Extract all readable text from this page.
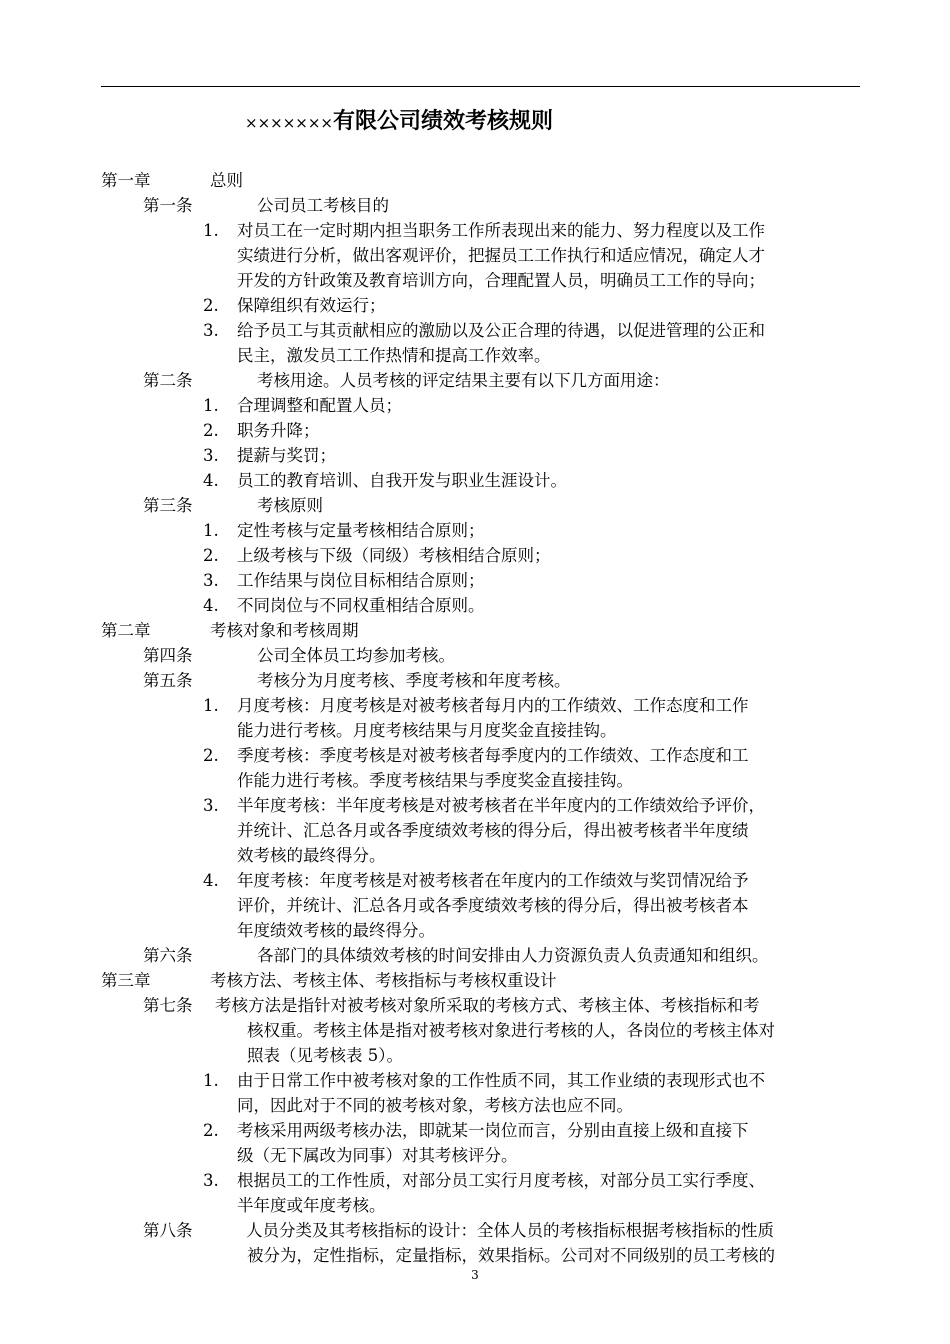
×××××××有限公司绩效考核规则
第一章	总则
第一条	公司员工考核目的
1. 对员工在一定时期内担当职务工作所表现出来的能力、努力程度以及工作
实绩进行分析，做出客观评价，把握员工工作执行和适应情况，确定人才
开发的方针政策及教育培训方向，合理配置人员，明确员工工作的导向；
2. 保障组织有效运行；
3. 给予员工与其贡献相应的激励以及公正合理的待遇，以促进管理的公正和
民主，激发员工工作热情和提高工作效率。
第二条	考核用途。人员考核的评定结果主要有以下几方面用途：
1. 合理调整和配置人员；
2. 职务升降；
3. 提薪与奖罚；
4. 员工的教育培训、自我开发与职业生涯设计。
第三条	考核原则
1. 定性考核与定量考核相结合原则；
2. 上级考核与下级（同级）考核相结合原则；
3. 工作结果与岗位目标相结合原则；
4. 不同岗位与不同权重相结合原则。
第二章	考核对象和考核周期
第四条	公司全体员工均参加考核。
第五条	考核分为月度考核、季度考核和年度考核。
1. 月度考核：月度考核是对被考核者每月内的工作绩效、工作态度和工作
能力进行考核。月度考核结果与月度奖金直接挂钩。
2. 季度考核：季度考核是对被考核者每季度内的工作绩效、工作态度和工
作能力进行考核。季度考核结果与季度奖金直接挂钩。
3. 半年度考核：半年度考核是对被考核者在半年度内的工作绩效给予评价，
并统计、汇总各月或各季度绩效考核的得分后，得出被考核者半年度绩
效考核的最终得分。
4. 年度考核：年度考核是对被考核者在年度内的工作绩效与奖罚情况给予
评价，并统计、汇总各月或各季度绩效考核的得分后，得出被考核者本
年度绩效考核的最终得分。
第六条	各部门的具体绩效考核的时间安排由人力资源负责人负责通知和组织。
第三章	考核方法、考核主体、考核指标与考核权重设计
第七条 考核方法是指针对被考核对象所采取的考核方式、考核主体、考核指标和考
核权重。考核主体是指对被考核对象进行考核的人，各岗位的考核主体对
照表（见考核表 5）。
1. 由于日常工作中被考核对象的工作性质不同，其工作业绩的表现形式也不
同，因此对于不同的被考核对象，考核方法也应不同。
2. 考核采用两级考核办法，即就某一岗位而言，分别由直接上级和直接下
级（无下属改为同事）对其考核评分。
3. 根据员工的工作性质，对部分员工实行月度考核，对部分员工实行季度、
半年度或年度考核。
第八条	人员分类及其考核指标的设计：全体人员的考核指标根据考核指标的性质
被分为，定性指标，定量指标，效果指标。公司对不同级别的员工考核的
3
